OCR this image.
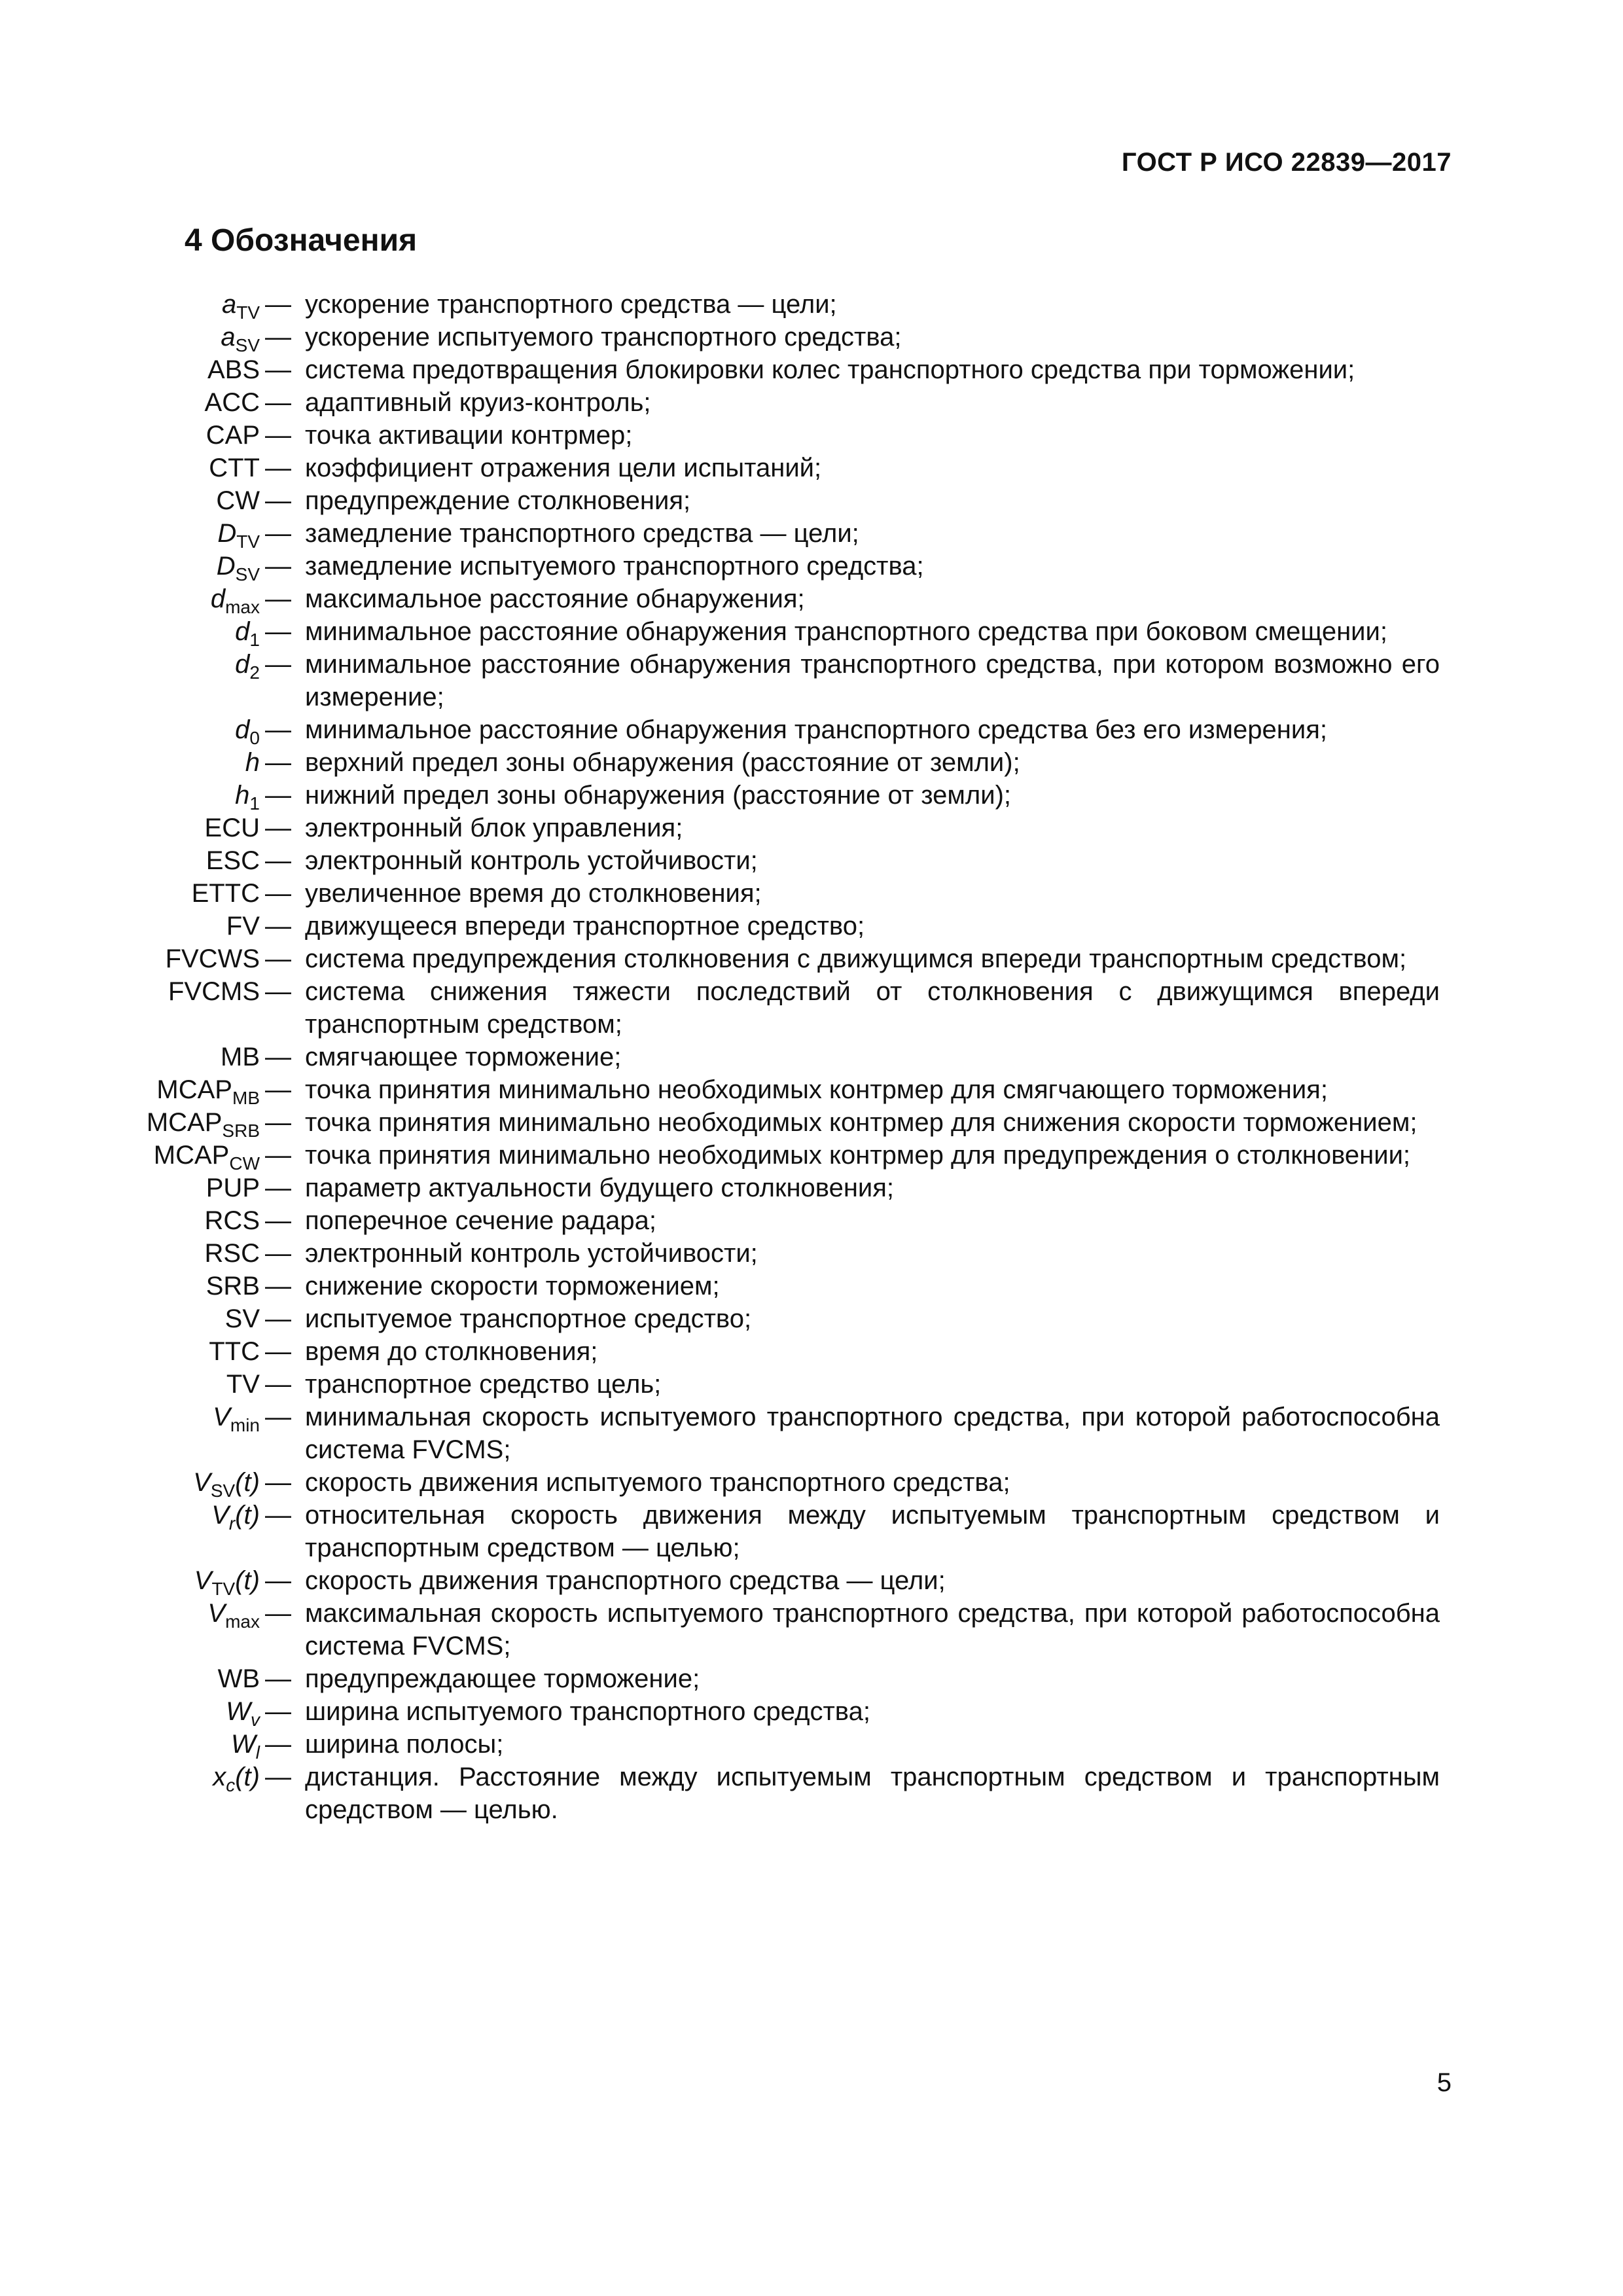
ГОСТ Р ИСО 22839—2017
4 Обозначения
$a_{TV}$ — ускорение транспортного средства — цели;
$a_{SV}$ — ускорение испытуемого транспортного средства;
ABS — система предотвращения блокировки колес транспортного средства при торможении;
ACC — адаптивный круиз-контроль;
CAP — точка активации контрмер;
CTT — коэффициент отражения цели испытаний;
CW — предупреждение столкновения;
$D_{TV}$ — замедление транспортного средства — цели;
$D_{SV}$ — замедление испытуемого транспортного средства;
$d_{max}$ — максимальное расстояние обнаружения;
$d_1$ — минимальное расстояние обнаружения транспортного средства при боковом смещении;
$d_2$ — минимальное расстояние обнаружения транспортного средства, при котором возможно его измерение;
$d_0$ — минимальное расстояние обнаружения транспортного средства без его измерения;
h — верхний предел зоны обнаружения (расстояние от земли);
$h_1$ — нижний предел зоны обнаружения (расстояние от земли);
ECU — электронный блок управления;
ESC — электронный контроль устойчивости;
ETTC — увеличенное время до столкновения;
FV — движущееся впереди транспортное средство;
FVCWS — система предупреждения столкновения с движущимся впереди транспортным средством;
FVCMS — система снижения тяжести последствий от столкновения с движущимся впереди транспортным средством;
MB — смягчающее торможение;
$MCAP_{MB}$ — точка принятия минимально необходимых контрмер для смягчающего торможения;
$MCAP_{SRB}$ — точка принятия минимально необходимых контрмер для снижения скорости торможением;
$MCAP_{CW}$ — точка принятия минимально необходимых контрмер для предупреждения о столкновении;
PUP — параметр актуальности будущего столкновения;
RCS — поперечное сечение радара;
RSC — электронный контроль устойчивости;
SRB — снижение скорости торможением;
SV — испытуемое транспортное средство;
TTC — время до столкновения;
TV — транспортное средство цель;
$V_{min}$ — минимальная скорость испытуемого транспортного средства, при которой работоспособна система FVCMS;
$V_{SV}(t)$ — скорость движения испытуемого транспортного средства;
$V_r(t)$ — относительная скорость движения между испытуемым транспортным средством и транспортным средством — целью;
$V_{TV}(t)$ — скорость движения транспортного средства — цели;
$V_{max}$ — максимальная скорость испытуемого транспортного средства, при которой работоспособна система FVCMS;
WB — предупреждающее торможение;
$W_v$ — ширина испытуемого транспортного средства;
$W_l$ — ширина полосы;
$x_c(t)$ — дистанция. Расстояние между испытуемым транспортным средством и транспортным средством — целью.
5
